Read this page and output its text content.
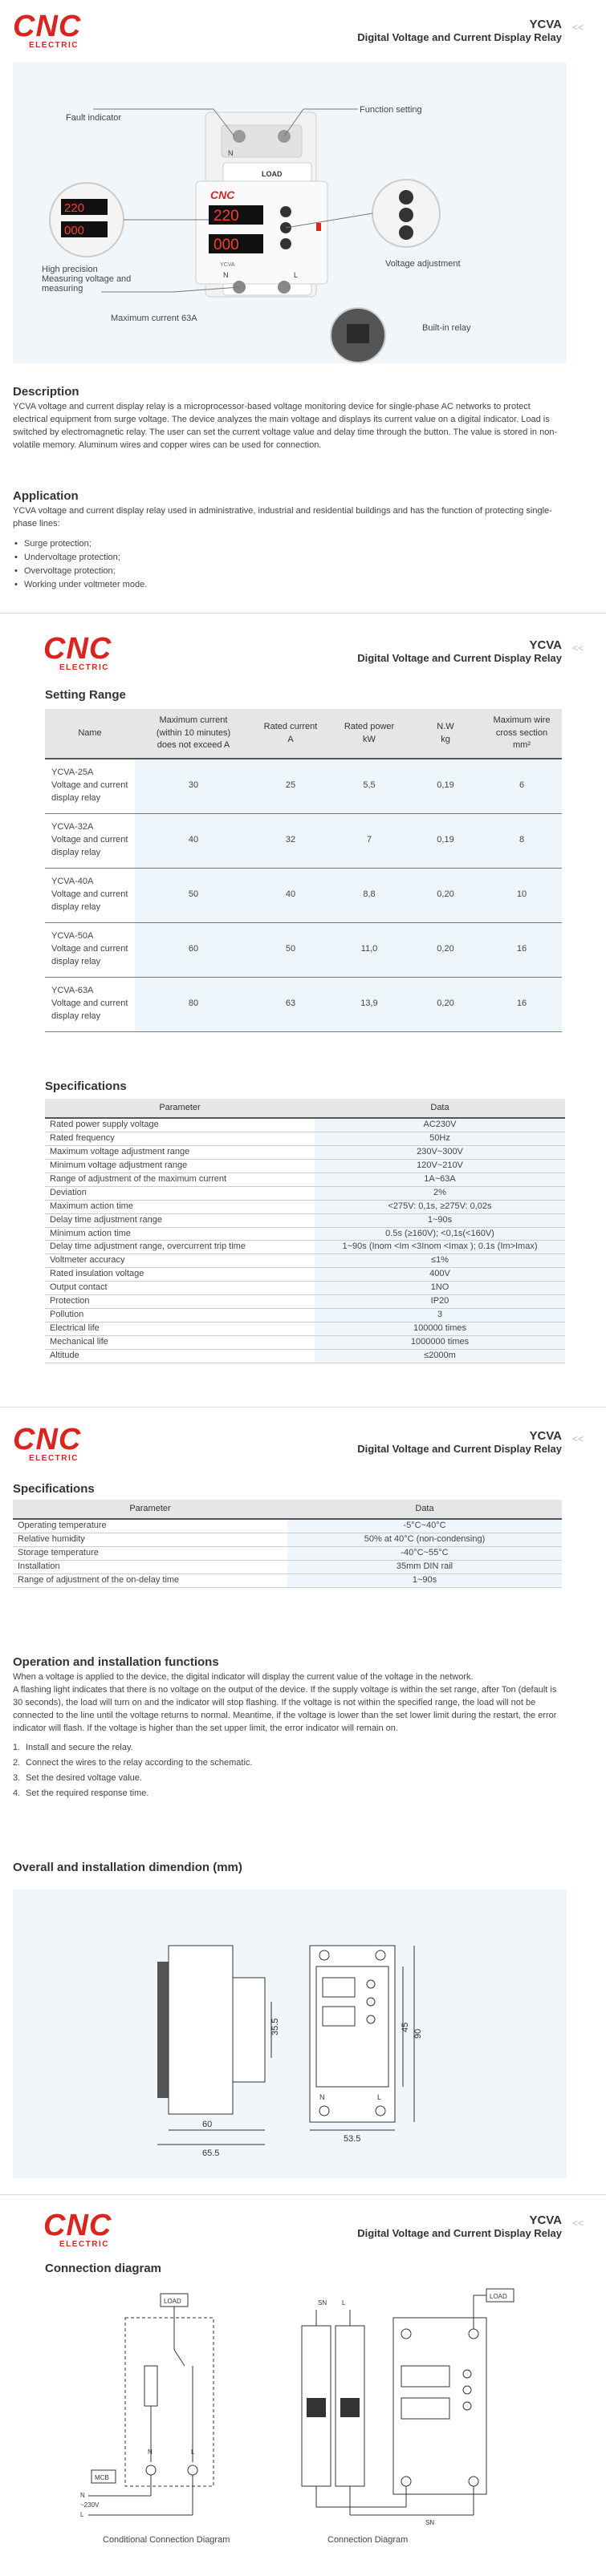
CNC
ELECTRIC
YCVA
Digital Voltage and Current Display Relay
<<
LOAD
N
CNC
220
000
YCVA
N	L
220
000
Fault indicator
Function setting
High precision
Measuring voltage and
measuring
Voltage adjustment
Maximum current 63A
Built-in relay
Description
YCVA voltage and current display relay is a microprocessor-based voltage monitoring device for single-phase AC networks to protect electrical equipment from surge voltage. The device analyzes the main voltage and displays its current value on a digital indicator. Load is switched by electromagnetic relay. The user can set the current voltage value and delay time through the button. The value is stored in non-volatile memory. Aluminum wires and copper wires can be used for connection.
Application
YCVA voltage and current display relay used in administrative, industrial and residential buildings and has the function of protecting single-phase lines:
• Surge protection;
• Undervoltage protection;
• Overvoltage protection;
• Working under voltmeter mode.
CNC
ELECTRIC
YCVA
Digital Voltage and Current Display Relay
<<
Setting Range
Name	Maximum current
(within 10 minutes)
does not exceed A	Rated current
A	Rated power
kW	N.W
kg	Maximum wire
cross section
mm²
YCVA-25A
Voltage and current
display relay	30	25	5,5	0,19	6
YCVA-32A
Voltage and current
display relay	40	32	7	0,19	8
YCVA-40A
Voltage and current
display relay	50	40	8,8	0,20	10
YCVA-50A
Voltage and current
display relay	60	50	11,0	0,20	16
YCVA-63A
Voltage and current
display relay	80	63	13,9	0,20	16
Specifications
Parameter	Data
Rated power supply voltage	AC230V
Rated frequency	50Hz
Maximum voltage adjustment range	230V~300V
Minimum voltage adjustment range	120V~210V
Range of adjustment of the maximum current	1A~63A
Deviation	2%
Maximum action time	<275V: 0,1s, ≥275V: 0,02s
Delay time adjustment range	1~90s
Minimum action time	0.5s (≥160V); <0,1s(<160V)
Delay time adjustment range, overcurrent trip time	1~90s (Inom <Im <3Inom <Imax ); 0.1s (Im>Imax)
Voltmeter accuracy	≤1%
Rated insulation voltage	400V
Output contact	1NO
Protection	IP20
Pollution	3
Electrical life	100000 times
Mechanical life	1000000 times
Altitude	≤2000m
CNC
ELECTRIC
YCVA
Digital Voltage and Current Display Relay
<<
Specifications
Parameter	Data
Operating temperature	-5°C~40°C
Relative humidity	50% at 40°C (non-condensing)
Storage temperature	-40°C~55°C
Installation	35mm DIN rail
Range of adjustment of the on-delay time	1~90s
Operation and installation functions
When a voltage is applied to the device, the digital indicator will display the current value of the voltage in the network.
A flashing light indicates that there is no voltage on the output of the device. If the supply voltage is within the set range, after Ton (default is 30 seconds), the load will turn on and the indicator will stop flashing. If the voltage is not within the specified range, the load will not be connected to the line until the voltage returns to normal. Meantime, if the voltage is lower than the set lower limit during the restart, the error indicator will flash. If the voltage is higher than the set upper limit, the error indicator will remain on.
1. Install and secure the relay.
2. Connect the wires to the relay according to the schematic.
3. Set the desired voltage value.
4. Set the required response time.
Overall and installation dimendion (mm)
60
65.5
35.5
N	L
53.5
45
90
CNC
ELECTRIC
YCVA
Digital Voltage and Current Display Relay
<<
Connection diagram
LOAD
N	L
MCB
N
~230V
L
SN L
LOAD
SN
Conditional Connection Diagram	Connection Diagram
